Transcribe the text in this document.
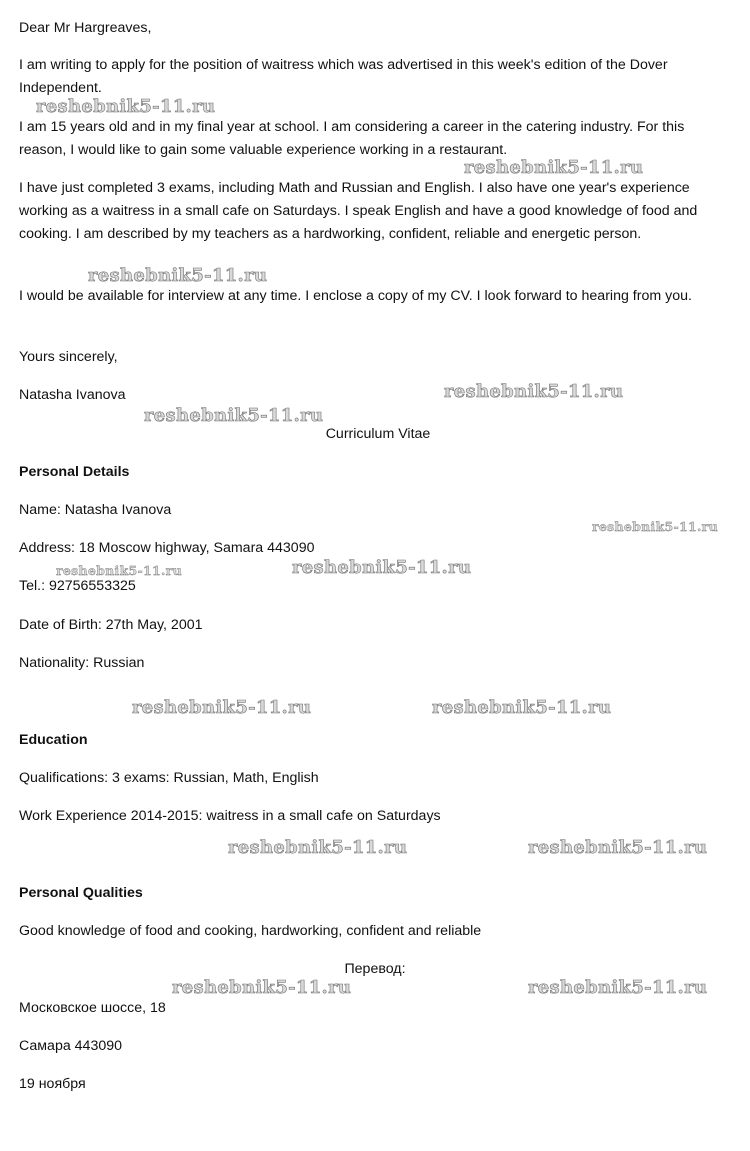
Dear Mr Hargreaves,

I am writing to apply for the position of waitress which was advertised in this week's edition of the Dover Independent.

I am 15 years old and in my final year at school. I am considering a career in the catering industry. For this reason, I would like to gain some valuable experience working in a restaurant.

I have just completed 3 exams, including Math and Russian and English. I also have one year's experience working as a waitress in a small cafe on Saturdays. I speak English and have a good knowledge of food and cooking. I am described by my teachers as a hardworking, confident, reliable and energetic person.

I would be available for interview at any time. I enclose a copy of my CV. I look forward to hearing from you.

Yours sincerely,

Natasha Ivanova

Curriculum Vitae

Personal Details

Name: Natasha Ivanova

Address: 18 Moscow highway, Samara 443090

Tel.: 92756553325

Date of Birth: 27th May, 2001

Nationality: Russian

Education

Qualifications: 3 exams: Russian, Math, English

Work Experience 2014-2015: waitress in a small cafe on Saturdays

Personal Qualities

Good knowledge of food and cooking, hardworking, confident and reliable

Перевод:

Московское шоссе, 18

Самара 443090

19 ноября

reshebnik5-11.ru
reshebnik5-11.ru
reshebnik5-11.ru
reshebnik5-11.ru
reshebnik5-11.ru
reshebnik5-11.ru
reshebnik5-11.ru	reshebnik5-11.ru
reshebnik5-11.ru	reshebnik5-11.ru
reshebnik5-11.ru	reshebnik5-11.ru
reshebnik5-11.ru	reshebnik5-11.ru
